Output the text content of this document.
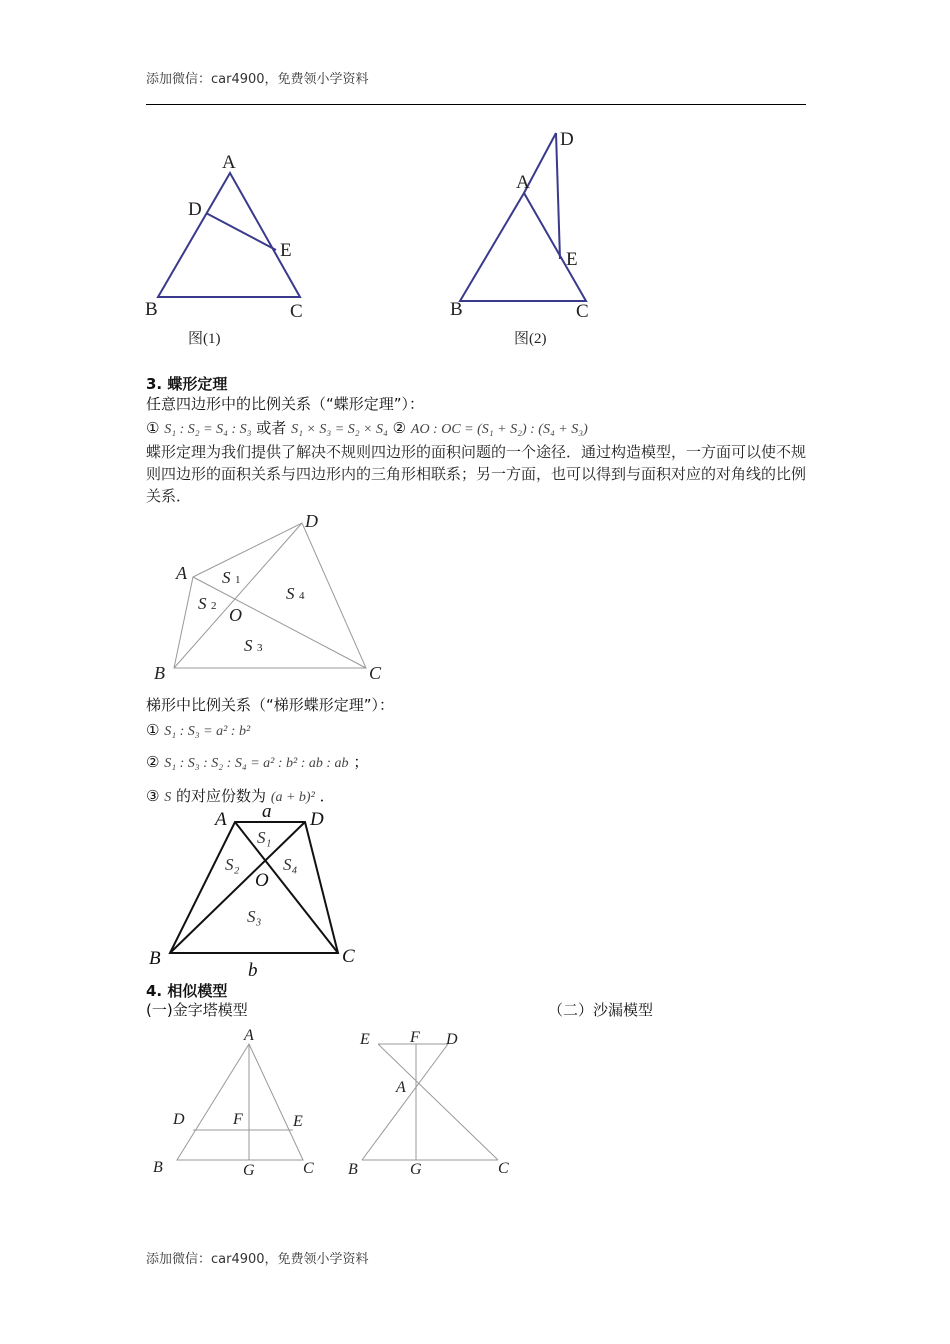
添加微信：car4900，免费领小学资料
A
D
E
B	C
图(1)
A
D
E
B	C
图(2)
3. 蝶形定理
任意四边形中的比例关系（“蝶形定理”）：
① S₁ : S₂ = S₄ : S₃ 或者 S₁ × S₃ = S₂ × S₄ ② AO : OC = (S₁ + S₂) : (S₄ + S₃)
蝶形定理为我们提供了解决不规则四边形的面积问题的一个途径．通过构造模型，一方面可以使不规则四边形的面积关系与四边形内的三角形相联系；另一方面，也可以得到与面积对应的对角线的比例关系．
A
D
B	C
O
S 1
S 2
S 3
S 4
梯形中比例关系（“梯形蝶形定理”）：
① S₁ : S₃ = a² : b²
② S₁ : S₃ : S₂ : S₄ = a² : b² : ab : ab ；
③ S 的对应份数为 (a + b)² ．
A	D
B	C
O
a
b
S₁
S₂	S₄
S₃
4. 相似模型
(一)金字塔模型	（二）沙漏模型
A
D	F	E
B	G	C
E	F D
A
B	G	C
添加微信：car4900，免费领小学资料
